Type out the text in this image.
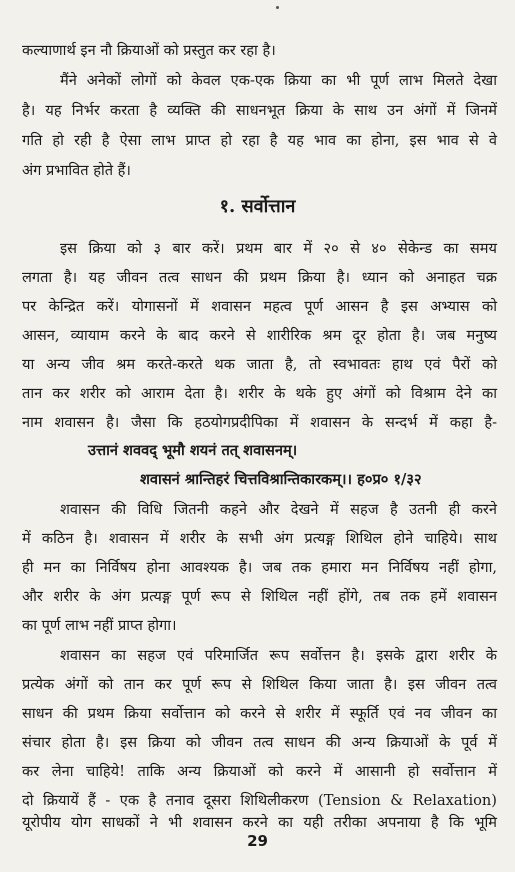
कल्याणार्थ इन नौ क्रियाओं को प्रस्तुत कर रहा है।
मैंने अनेकों लोगों को केवल एक-एक क्रिया का भी पूर्ण लाभ मिलते देखा
है। यह निर्भर करता है व्यक्ति की साधनभूत क्रिया के साथ उन अंगों में जिनमें
गति हो रही है ऐसा लाभ प्राप्त हो रहा है यह भाव का होना, इस भाव से वे
अंग प्रभावित होते हैं।
१. सर्वोत्तान
इस क्रिया को ३ बार करें। प्रथम बार में २० से ४० सेकेन्ड का समय
लगता है। यह जीवन तत्व साधन की प्रथम क्रिया है। ध्यान को अनाहत चक्र
पर केन्द्रित करें। योगासनों में शवासन महत्व पूर्ण आसन है इस अभ्यास को
आसन, व्यायाम करने के बाद करने से शारीरिक श्रम दूर होता है। जब मनुष्य
या अन्य जीव श्रम करते-करते थक जाता है, तो स्वभावतः हाथ एवं पैरों को
तान कर शरीर को आराम देता है। शरीर के थके हुए अंगों को विश्राम देने का
नाम शवासन है। जैसा कि हठयोगप्रदीपिका में शवासन के सन्दर्भ में कहा है-
उत्तानं शववद् भूमौ शयनं तत् शवासनम्।
शवासनं श्रान्तिहरं चित्तविश्रान्तिकारकम्।। ह०प्र० १/३२
शवासन की विधि जितनी कहने और देखने में सहज है उतनी ही करने
में कठिन है। शवासन में शरीर के सभी अंग प्रत्यङ्ग शिथिल होने चाहिये। साथ
ही मन का निर्विषय होना आवश्यक है। जब तक हमारा मन निर्विषय नहीं होगा,
और शरीर के अंग प्रत्यङ्ग पूर्ण रूप से शिथिल नहीं होंगे, तब तक हमें शवासन
का पूर्ण लाभ नहीं प्राप्त होगा।
शवासन का सहज एवं परिमार्जित रूप सर्वोत्तन है। इसके द्वारा शरीर के
प्रत्येक अंगों को तान कर पूर्ण रूप से शिथिल किया जाता है। इस जीवन तत्व
साधन की प्रथम क्रिया सर्वोत्तान को करने से शरीर में स्फूर्ति एवं नव जीवन का
संचार होता है। इस क्रिया को जीवन तत्व साधन की अन्य क्रियाओं के पूर्व में
कर लेना चाहिये! ताकि अन्य क्रियाओं को करने में आसानी हो सर्वोत्तान में
दो क्रियायें हैं - एक है तनाव दूसरा शिथिलीकरण (Tension & Relaxation)
यूरोपीय योग साधकों ने भी शवासन करने का यही तरीका अपनाया है कि भूमि
29
